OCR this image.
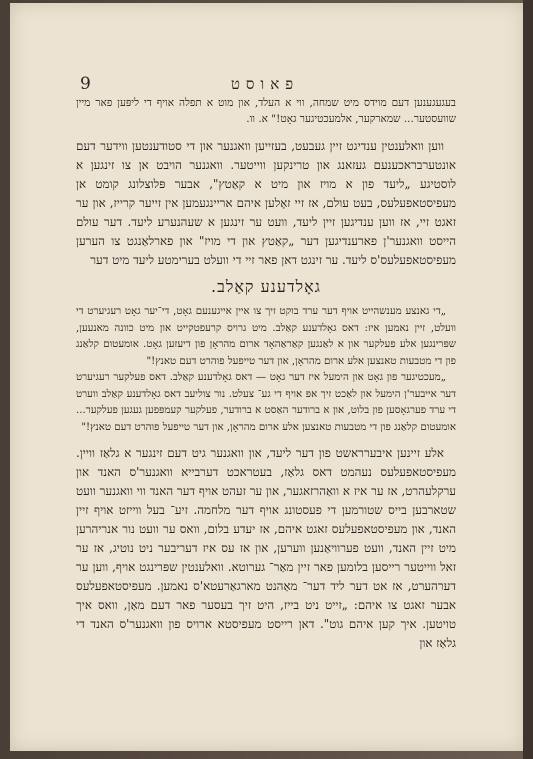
9	פאוסט

בעגעגענען דעם מוידס מיט שמחה, ווי א העלד, און מוט א תפלה אויף די ליפּען פאר מיין שוועסטער... שמארקער, אלמעכטיגער גאָט!" א. וו.

ווען וואלענטין ענדיגט זיין געבעט, בעזייען וואגנער און די סטודענטען ווידער דעם אונטערבראכענעם געזאנג און טרינקען ווייטער. וואגנער הויבט אן צו זינגען א לוסטיגע „ליעד פון א מויז און מיט א קאַטץ", אבער פּלוצלונג קומט אן מעפיסטאפעלעס, בעט עולם, אז זיי זאָלען איהם אריינגעמען אין זייער קרייז, און ער זאגט זיי, אז ווען ענדיגען זיין ליעד, וועט ער זינגען א שעהנערע ליעד. דער עולם הייסט וואגנער'ן פארענדיגען דער „קאַטץ און די מויז" און פארלאַנגט צו הערען מעפיסטאפעלעס'ס ליעד. ער זינגט דאן פאר זיי די וועלט בערימטע ליעד מיט דער

גאָלדענע קאַלב.

„די גאנצע מענשהייט אויף דער ערד בוקט זיך צו איין אייגענעם גאָט, די־יער גאָט רעגיערט די וועלט, זיין נאמען איז: דאס גאָלדענע קאַלב. מיט גרויס קרעפטקייט און מיט כוונה מאנעען, שפּרינגען אלע פעלקער און א לאַנגען קאַראַהאָד ארום מהראָן פון דיעזען גאָט. אומעטום קלאַנג פון די מטבעות טאנצען אלע ארום מהראָן, און דער טייפעל פוהרט דעם טאנץ!"

„מעכטיגער פון גאָט און הימעל איז דער גאָט — דאס גאָלדענע קאַלב. דאס פעלקער רעגיערט דער אייבער'ן הימעל און לאַכט זיך אפּ אויף די גע־ צעלט. נור צוליעב דאס גאָלדענע קאַלב ווערט די ערד פערגאָסען פון בלוט, און א ברודער האַסט א ברודער, פעלקער קעמפּפען געגען פעלקער... אומעטום קלאַנג פון די מטבעות טאנצען אלע ארום מהראָן, און דער טייפעל פוהרט דעם טאנץ!"

אלע זיינען איבערראשט פון דער ליעד, און וואגנער גיט דעם זינגער א גלאַז וויין. מעפיסטאפעלעס נעהמט דאס גלאַז, בעטראכט דערבייא וואגנער'ס האנד און ערקלעהרט, אז ער איז א וואַהרזאגער, און ער זעהט אויף דער האנד ווי וואגנער וועט שטארבען בייס שטורמען די פעסטונג אויף דער מלחמה. זיע־ בעל ווייזט אויף זיין האנד, און מעפיסטאפעלעס זאגט איהם, אז יעדע בלום, וואס ער וועט נור אנריהרען מיט זיין האנד, וועט פערוויאַנען ווערען, און אז עס איז דעריבער ניט נוטיג, אז ער זאל ווייטער רייסען בלומען פאר זיין מאַר־ גערוטא. וואלענטין שפּרינגט אויף, ווען ער דערהערט, אז אט דער ליד דער־ מאַהנט מארגאַרעטא'ס נאמען. מעפיסטאפעלעס אבער זאגט צו איהם: „זייט ניט בייז, היט זיך בעסער פאר דעם מאַן, וואס איך טויטען. איך קען איהם גוט". דאן רייסט מעפיסטא ארויס פון וואגנער'ס האנד די גלאַז און
